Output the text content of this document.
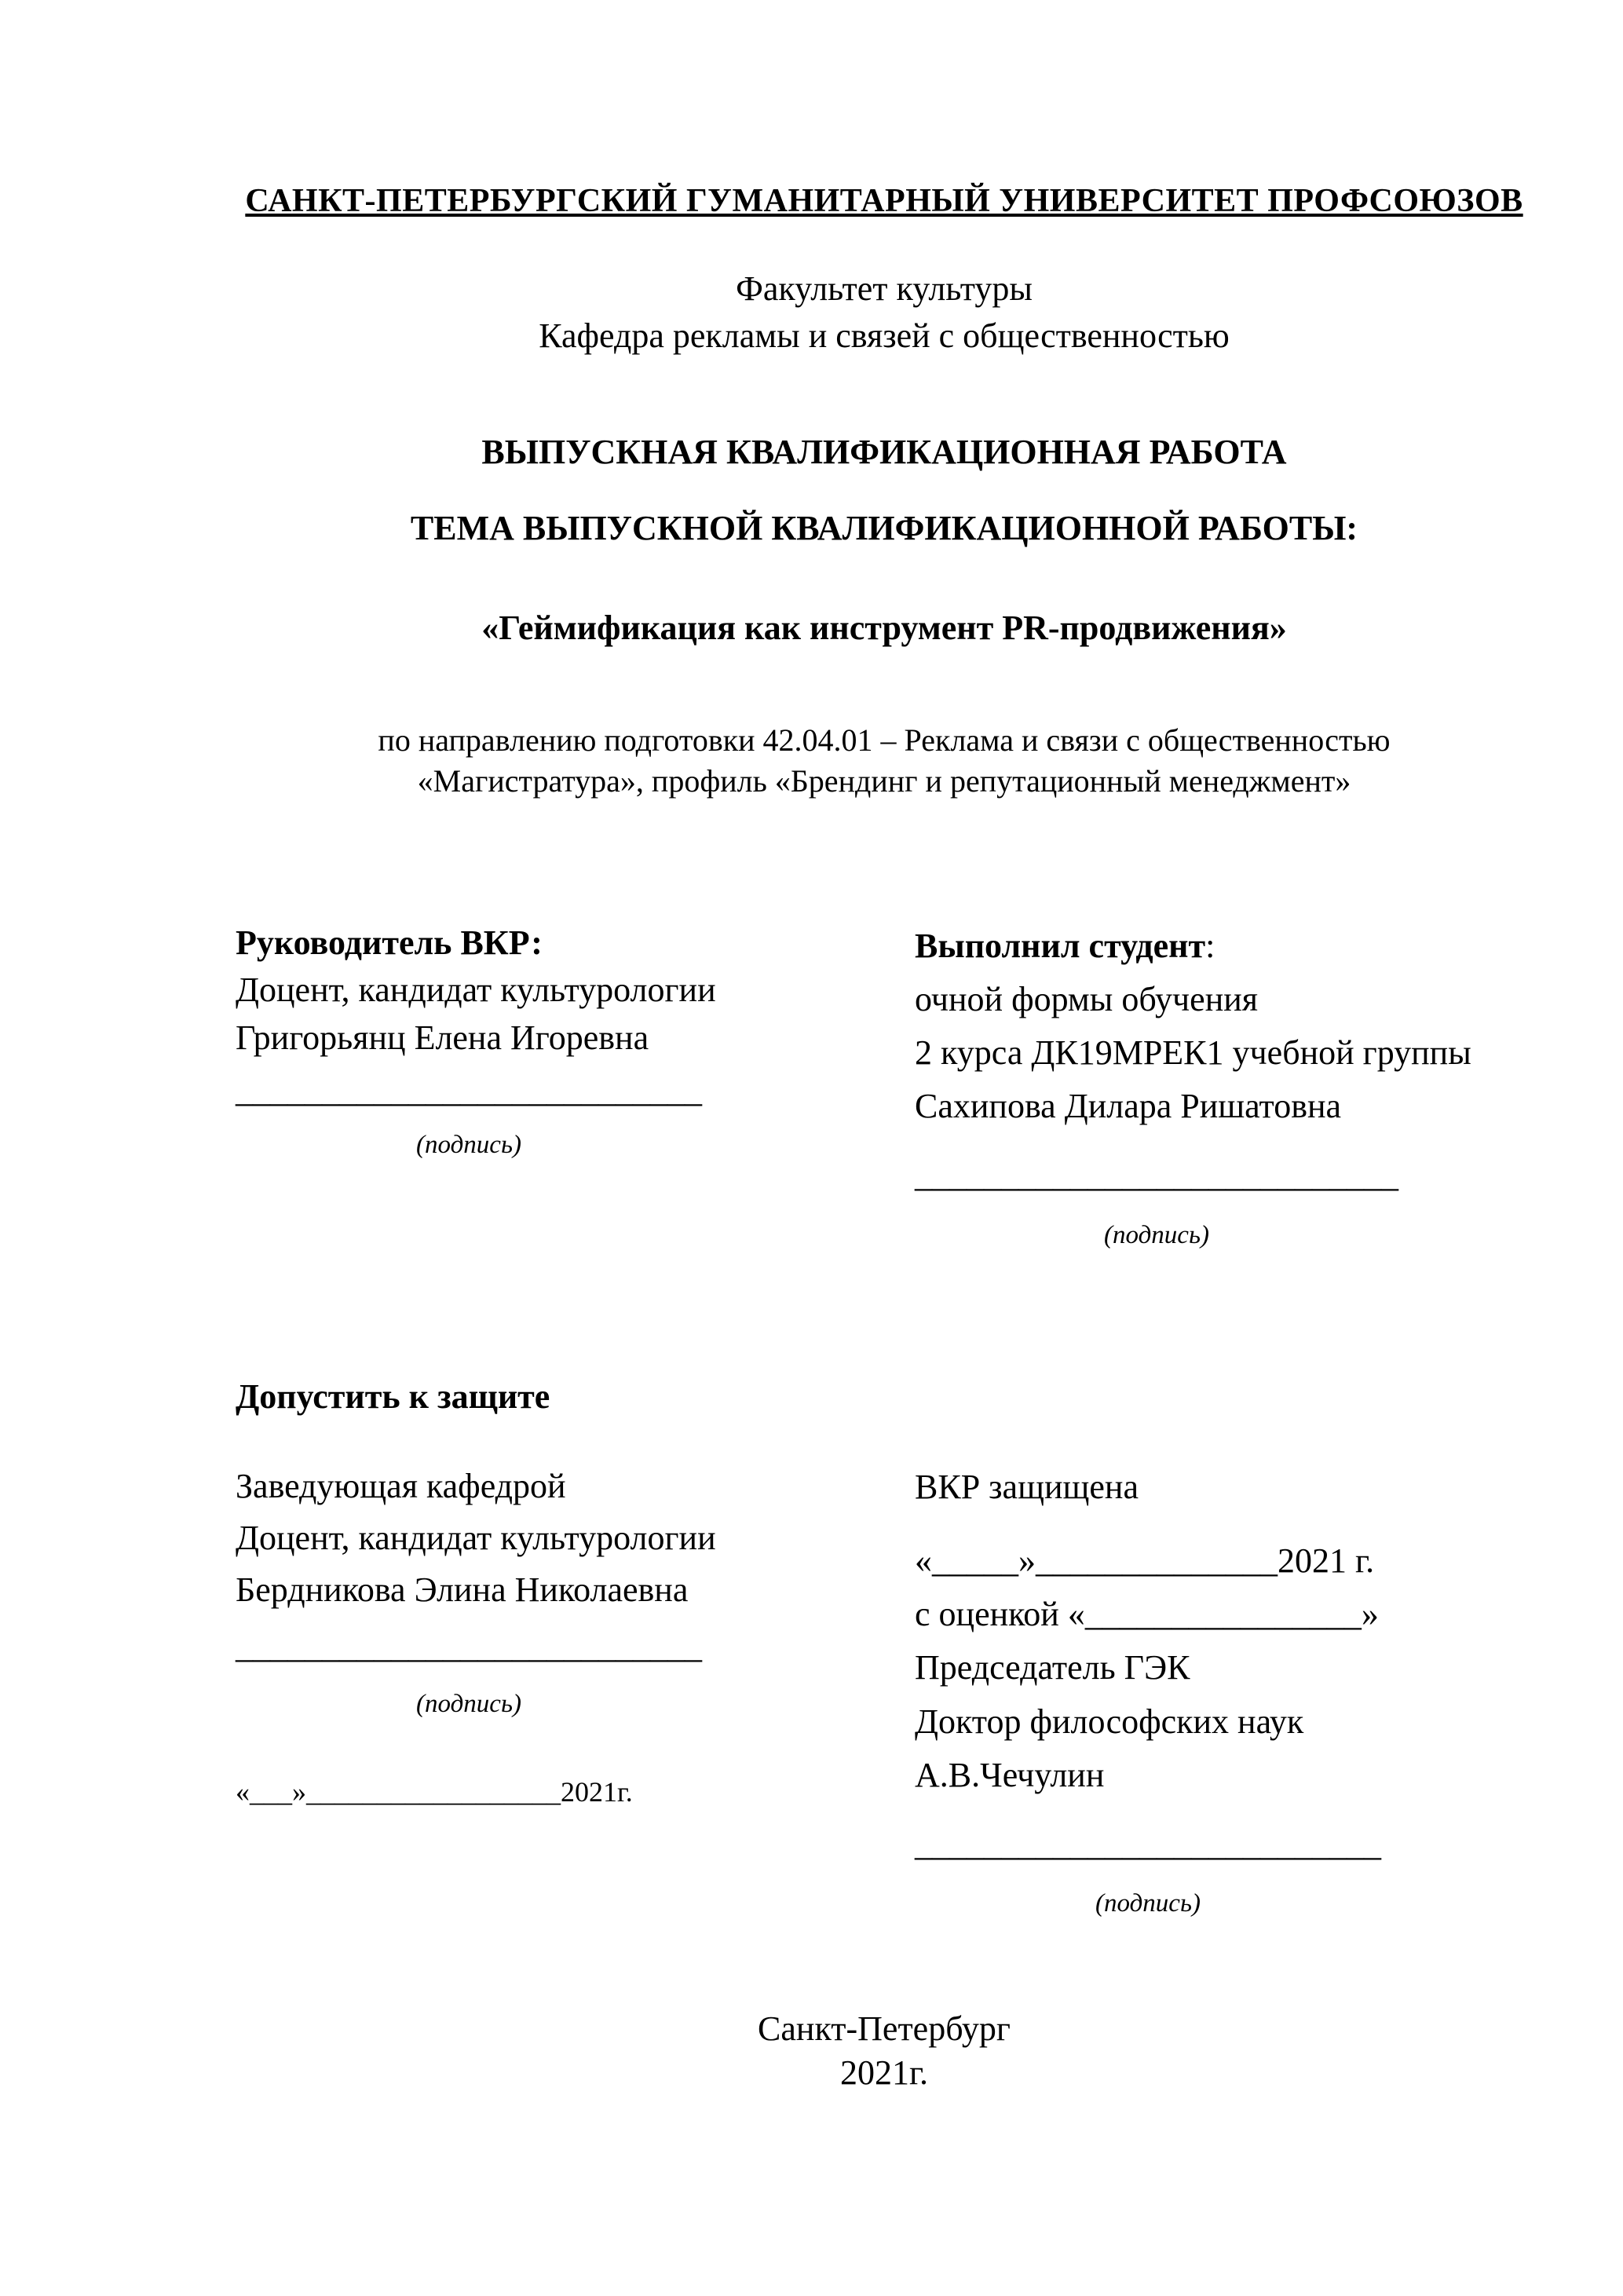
САНКТ-ПЕТЕРБУРГСКИЙ ГУМАНИТАРНЫЙ УНИВЕРСИТЕТ ПРОФСОЮЗОВ
Факультет культуры
Кафедра рекламы и связей с общественностью
ВЫПУСКНАЯ КВАЛИФИКАЦИОННАЯ РАБОТА
ТЕМА ВЫПУСКНОЙ КВАЛИФИКАЦИОННОЙ РАБОТЫ:
«Геймификация как инструмент PR-продвижения»
по направлению подготовки 42.04.01 – Реклама и связи с общественностью
«Магистратура», профиль «Брендинг и репутационный менеджмент»
Руководитель ВКР:
Доцент, кандидат культурологии
Григорьянц Елена Игоревна
___________________________
(подпись)
Выполнил студент:
очной формы обучения
2 курса ДК19МРЕК1 учебной группы
Сахипова Дилара Ришатовна
____________________________
(подпись)
Допустить к защите
Заведующая кафедрой
Доцент, кандидат культурологии
Бердникова Элина Николаевна
___________________________
(подпись)
«___»__________________2021г.
ВКР защищена
«_____»______________2021 г.
с оценкой «________________»
Председатель ГЭК
Доктор философских наук
А.В.Чечулин
___________________________
(подпись)
Санкт-Петербург
2021г.
